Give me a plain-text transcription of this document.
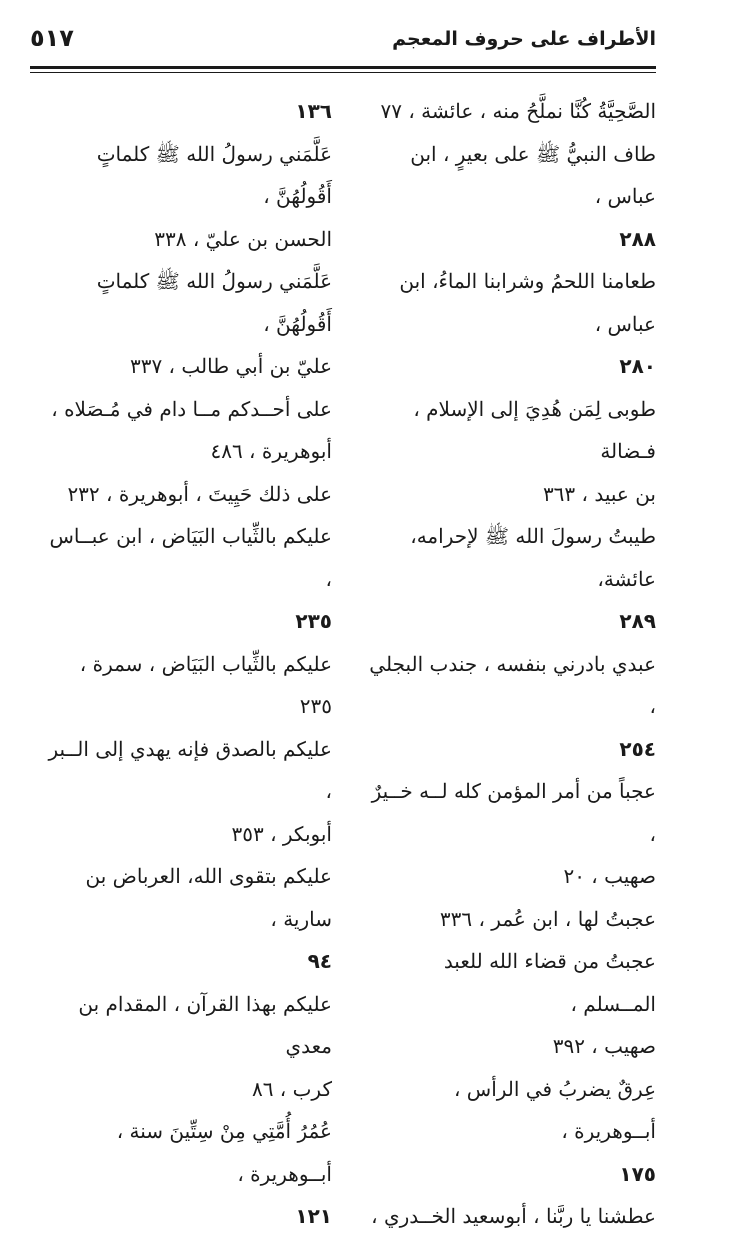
الأطراف على حروف المعجم
٥١٧
الصَّحِيَّةُ كُنَّا نملَّحُ منه ، عائشة ، ٧٧
طاف النبيُّ ﷺ على بعيرٍ ، ابن عباس ،
٢٨٨
طعامنا اللحمُ وشرابنا الماءُ، ابن عباس ،
٢٨٠
طوبى لِمَن هُدِيَ إلى الإسلام ، فـضالة
بن عبيد ، ٣٦٣
طيبتُ رسولَ الله ﷺ لإحرامه، عائشة،
٢٨٩
عبدي بادرني بنفسه ، جندب البجلي ،
٢٥٤
عجباً من أمر المؤمن كله لــه خــيرٌ ،
صهيب ، ٢٠
عجبتُ لها ، ابن عُمر ، ٣٣٦
عجبتُ من قضاء الله للعبد المــسلم ،
صهيب ، ٣٩٢
عِرقٌ يضربُ في الرأس ، أبــوهريرة ،
١٧٥
عطشنا يا ربَّنا ، أبوسعيد الخــدري ،
١٣٦
عَلَّمَني رسولُ الله ﷺ كلماتٍ أَقُولُهُنَّ ،
الحسن بن عليّ ، ٣٣٨
عَلَّمَني رسولُ الله ﷺ كلماتٍ أَقُولُهُنَّ ،
عليّ بن أبي طالب ، ٣٣٧
على أحــدكم مــا دام في مُـصَلاه ،
أبوهريرة ، ٤٨٦
على ذلك حَيِيتَ ، أبوهريرة ، ٢٣٢
عليكم بالثِّياب البَيَاض ، ابن عبــاس ،
٢٣٥
عليكم بالثِّياب البَيَاض ، سمرة ، ٢٣٥
عليكم بالصدق فإنه يهدي إلى الــبر ،
أبوبكر ، ٣٥٣
عليكم بتقوى الله، العرباض بن سارية ،
٩٤
عليكم بهذا القرآن ، المقدام بن معدي
كرب ، ٨٦
عُمُرُ أُمَّتِي مِنْ سِتِّينَ سنة ، أبــوهريرة ،
١٢١
